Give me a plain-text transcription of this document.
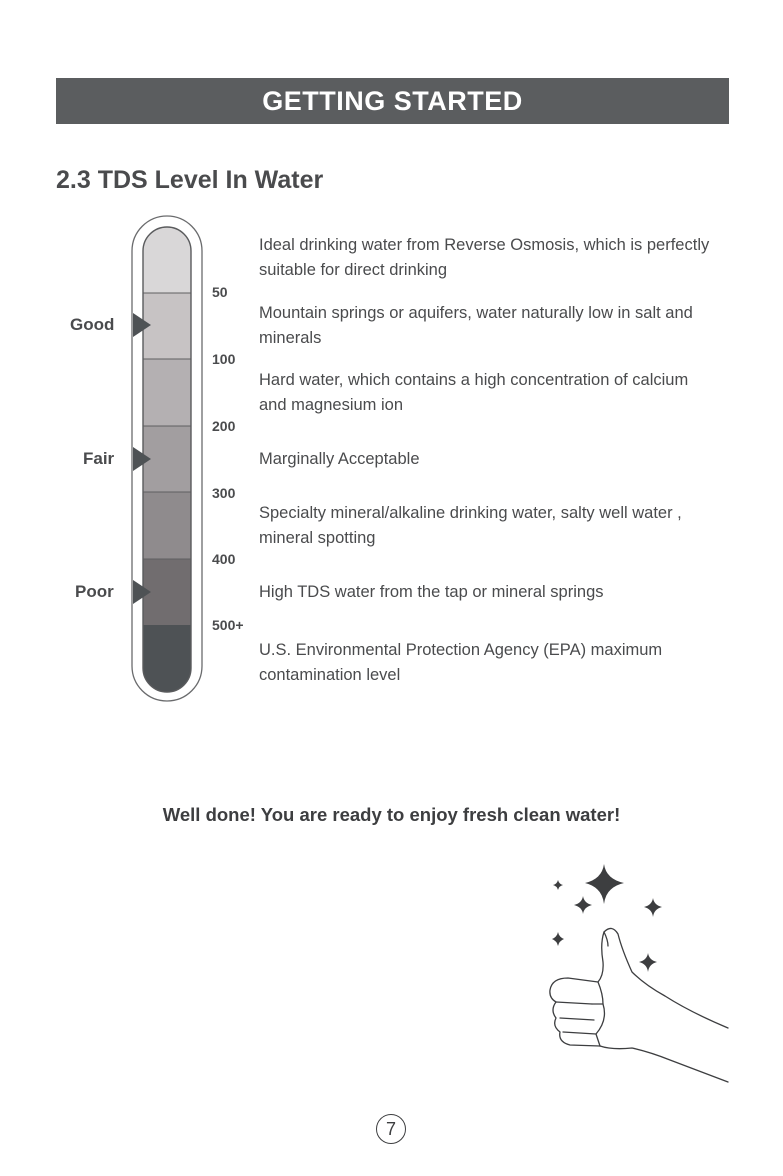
GETTING STARTED
2.3 TDS Level In Water
Good
Fair
Poor
50
100
200
300
400
500+
Ideal drinking water from Reverse Osmosis, which is perfectly suitable for direct drinking
Mountain springs or aquifers, water naturally low in salt and minerals
Hard water, which contains a high concentration of calcium and magnesium ion
Marginally Acceptable
Specialty mineral/alkaline drinking water, salty well water , mineral spotting
High TDS water from the tap or mineral springs
U.S. Environmental Protection Agency (EPA) maximum contamination level
Well done! You are ready to enjoy fresh clean water!
7
